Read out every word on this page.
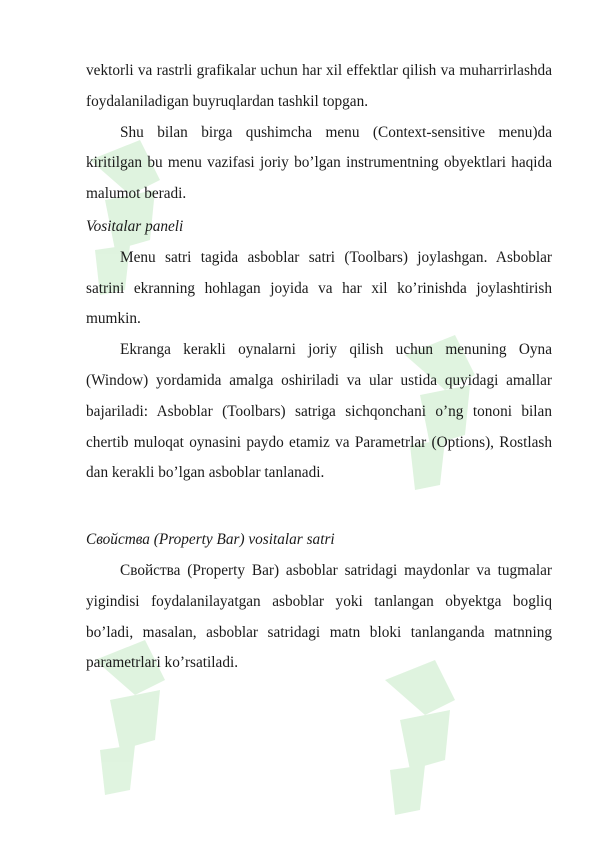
vektorli va rastrli grafikalar uchun har xil effektlar qilish va muharrirlashda foydalaniladigan buyruqlardan tashkil topgan.

Shu bilan birga qushimcha menu (Context-sensitive menu)da kiritilgan bu menu vazifasi joriy bo’lgan instrumentning obyektlari haqida malumot beradi.

Vositalar paneli

Menu satri tagida asboblar satri (Toolbars) joylashgan. Asboblar satrini ekranning hohlagan joyida va har xil ko’rinishda joylashtirish mumkin.

Ekranga kerakli oynalarni joriy qilish uchun menuning Oyna (Window) yordamida amalga oshiriladi va ular ustida quyidagi amallar bajariladi: Asboblar (Toolbars) satriga sichqonchani o’ng tononi bilan chertib muloqat oynasini paydo etamiz va Parametrlar (Options), Rostlash dan kerakli bo’lgan asboblar tanlanadi.

Свойства (Property Bar) vositalar satri

Свойства (Property Bar) asboblar satridagi maydonlar va tugmalar yigindisi foydalanilayatgan asboblar yoki tanlangan obyektga bogliq bo’ladi, masalan, asboblar satridagi matn bloki tanlanganda matnning parametrlari ko’rsatiladi.
